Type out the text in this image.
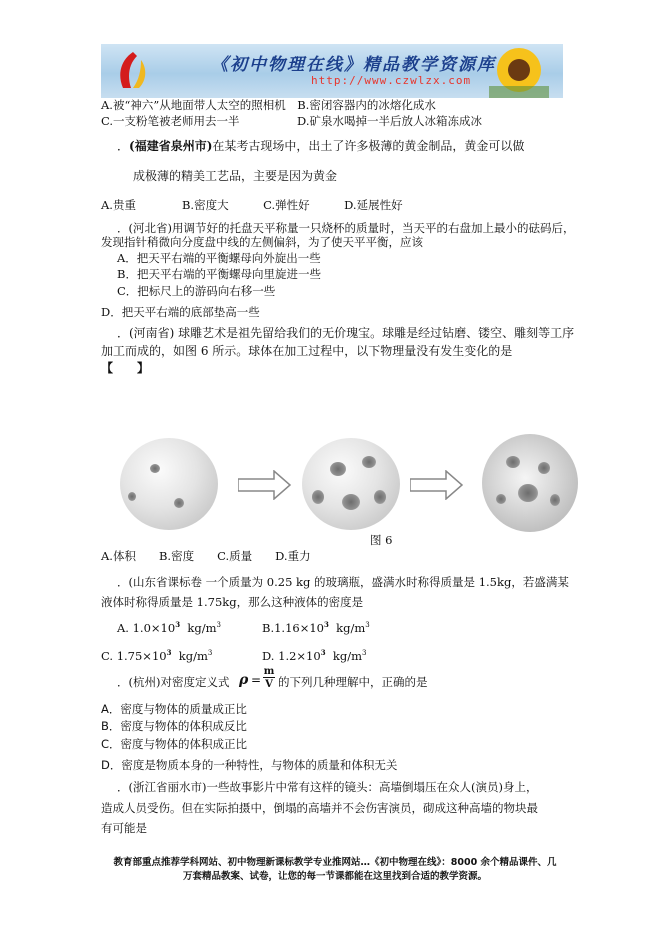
《初中物理在线》精品教学资源库
http://www.czwlzx.com
A.被“神六”从地面带人太空的照相机　B.密闭容器内的冰熔化成水
C.一支粉笔被老师用去一半　　　　　D.矿泉水喝掉一半后放人冰箱冻成冰
．(福建省泉州市)在某考古现场中，出土了许多极薄的黄金制品，黄金可以做
成极薄的精美工艺品，主要是因为黄金
A.贵重　　　　B.密度大　　　C.弹性好　　　D.延展性好
．(河北省)用调节好的托盘天平称量一只烧杯的质量时，当天平的右盘加上最小的砝码后，
发现指针稍微向分度盘中线的左侧偏斜，为了使天平平衡，应该
A．把天平右端的平衡螺母向外旋出一些
B．把天平右端的平衡螺母向里旋进一些
C．把标尺上的游码向右移一些
D．把天平右端的底部垫高一些
．(河南省) 球雕艺术是祖先留给我们的无价瑰宝。球雕是经过钻磨、镂空、雕刻等工序
加工而成的，如图 6 所示。球体在加工过程中，以下物理量没有发生变化的是
【　　】
图 6
A.体积　　B.密度　　C.质量　　D.重力
．(山东省课标卷 一个质量为 0.25 kg 的玻璃瓶，盛满水时称得质量是 1.5kg，若盛满某
液体时称得质量是 1.75kg，那么这种液体的密度是
A. $1.0\times 10^3$ $kg/m^3$	$B.1.16\times 10^3$ $kg/m^3$
C. $1.75\times 10^3$ $kg/m^3$	D. $1.2\times 10^3$ $kg/m^3$
．(杭州)对密度定义式 ρ =
m
V 的下列几种理解中，正确的是
A．密度与物体的质量成正比
B．密度与物体的体积成反比
C．密度与物体的体积成正比
D．密度是物质本身的一种特性，与物体的质量和体积无关
．(浙江省丽水市)一些故事影片中常有这样的镜头：高墙倒塌压在众人(演员)身上，
造成人员受伤。但在实际拍摄中，倒塌的高墙并不会伤害演员，砌成这种高墙的物块最
有可能是
教育部重点推荐学科网站、初中物理新课标教学专业推网站…《初中物理在线》：8000 余个精品课件、几
万套精品教案、试卷，让您的每一节课都能在这里找到合适的教学资源。
